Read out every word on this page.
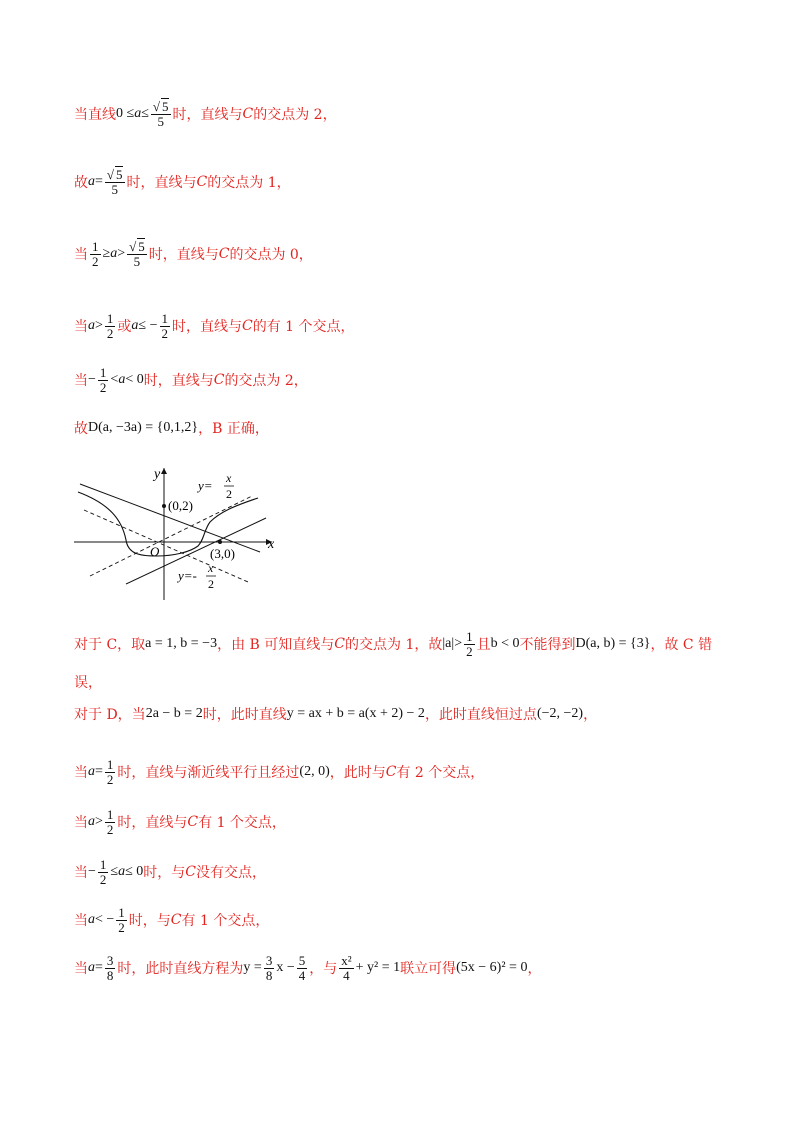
当直线 $0 \le a \le \frac{√ 5}{5}$ 时，直线与 C 的交点为 2，
故 $a = \frac{√ 5}{5}$ 时，直线与 C 的交点为 1，
当 $\frac{1}{2} \ge a > \frac{√ 5}{5}$ 时，直线与 C 的交点为 0，
当 $a > \frac{1}{2}$ 或 a ≤ − $\frac{1}{2}$ 时，直线与 C 的有 1 个交点，
当 − $\frac{1}{2} < a < 0$ 时，直线与 C 的交点为 2，
故 D(a, −3a) = {0,1,2} ，B 正确，
y
x
O
(0,2)
(3,0)
y= x
2
y=- x
2
对于 C，取 a = 1, b = −3 ，由 B 可知直线与 C 的交点为 1，故 $|a| > \frac{1}{2}$ 且 b < 0 不能得到 D(a, b) = {3} ，故 C 错
误，
对于 D，当 2a − b = 2 时，此时直线 y = ax + b = a(x + 2) − 2 ，此时直线恒过点 (−2, −2) ，
当 $a = \frac{1}{2}$ 时，直线与渐近线平行且经过 (2, 0) ，此时与 C 有 2 个交点，
当 $a > \frac{1}{2}$ 时，直线与 C 有 1 个交点，
当 − $\frac{1}{2} \le a \le 0$ 时，与 C 没有交点，
当 a < − $\frac{1}{2}$ 时，与 C 有 1 个交点，
当 $a = \frac{3}{8}$ 时，此时直线方程为 $y = \frac{3}{8}$ $x - \frac{5}{4}$ ，与 $\frac{\text{x²}}{4} + y^2 = 1$ 联立可得 (5x − 6)² = 0 ，
